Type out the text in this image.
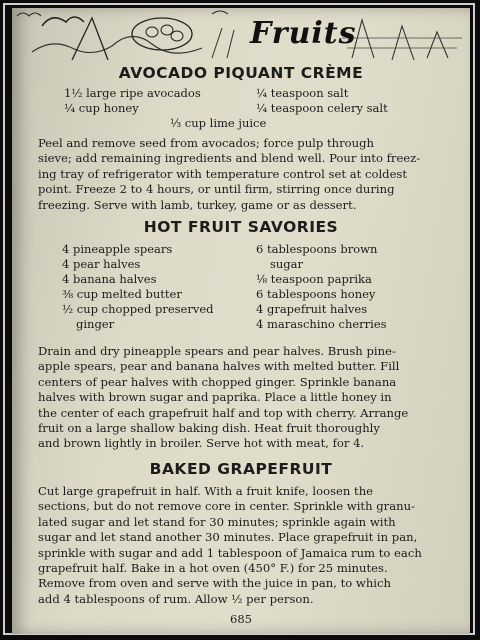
Fruits
AVOCADO PIQUANT CRÈME
1½ large ripe avocados
¼ cup honey
¼ teaspoon salt
¼ teaspoon celery salt
⅓ cup lime juice
Peel and remove seed from avocados; force pulp through
sieve; add remaining ingredients and blend well. Pour into freez-
ing tray of refrigerator with temperature control set at coldest
point. Freeze 2 to 4 hours, or until firm, stirring once during
freezing. Serve with lamb, turkey, game or as dessert.
HOT FRUIT SAVORIES
4 pineapple spears
4 pear halves
4 banana halves
⅜ cup melted butter
½ cup chopped preserved
ginger
6 tablespoons brown
sugar
⅛ teaspoon paprika
6 tablespoons honey
4 grapefruit halves
4 maraschino cherries
Drain and dry pineapple spears and pear halves. Brush pine-
apple spears, pear and banana halves with melted butter. Fill
centers of pear halves with chopped ginger. Sprinkle banana
halves with brown sugar and paprika. Place a little honey in
the center of each grapefruit half and top with cherry. Arrange
fruit on a large shallow baking dish. Heat fruit thoroughly
and brown lightly in broiler. Serve hot with meat, for 4.
BAKED GRAPEFRUIT
Cut large grapefruit in half. With a fruit knife, loosen the
sections, but do not remove core in center. Sprinkle with granu-
lated sugar and let stand for 30 minutes; sprinkle again with
sugar and let stand another 30 minutes. Place grapefruit in pan,
sprinkle with sugar and add 1 tablespoon of Jamaica rum to each
grapefruit half. Bake in a hot oven (450° F.) for 25 minutes.
Remove from oven and serve with the juice in pan, to which
add 4 tablespoons of rum. Allow ½ per person.
685
